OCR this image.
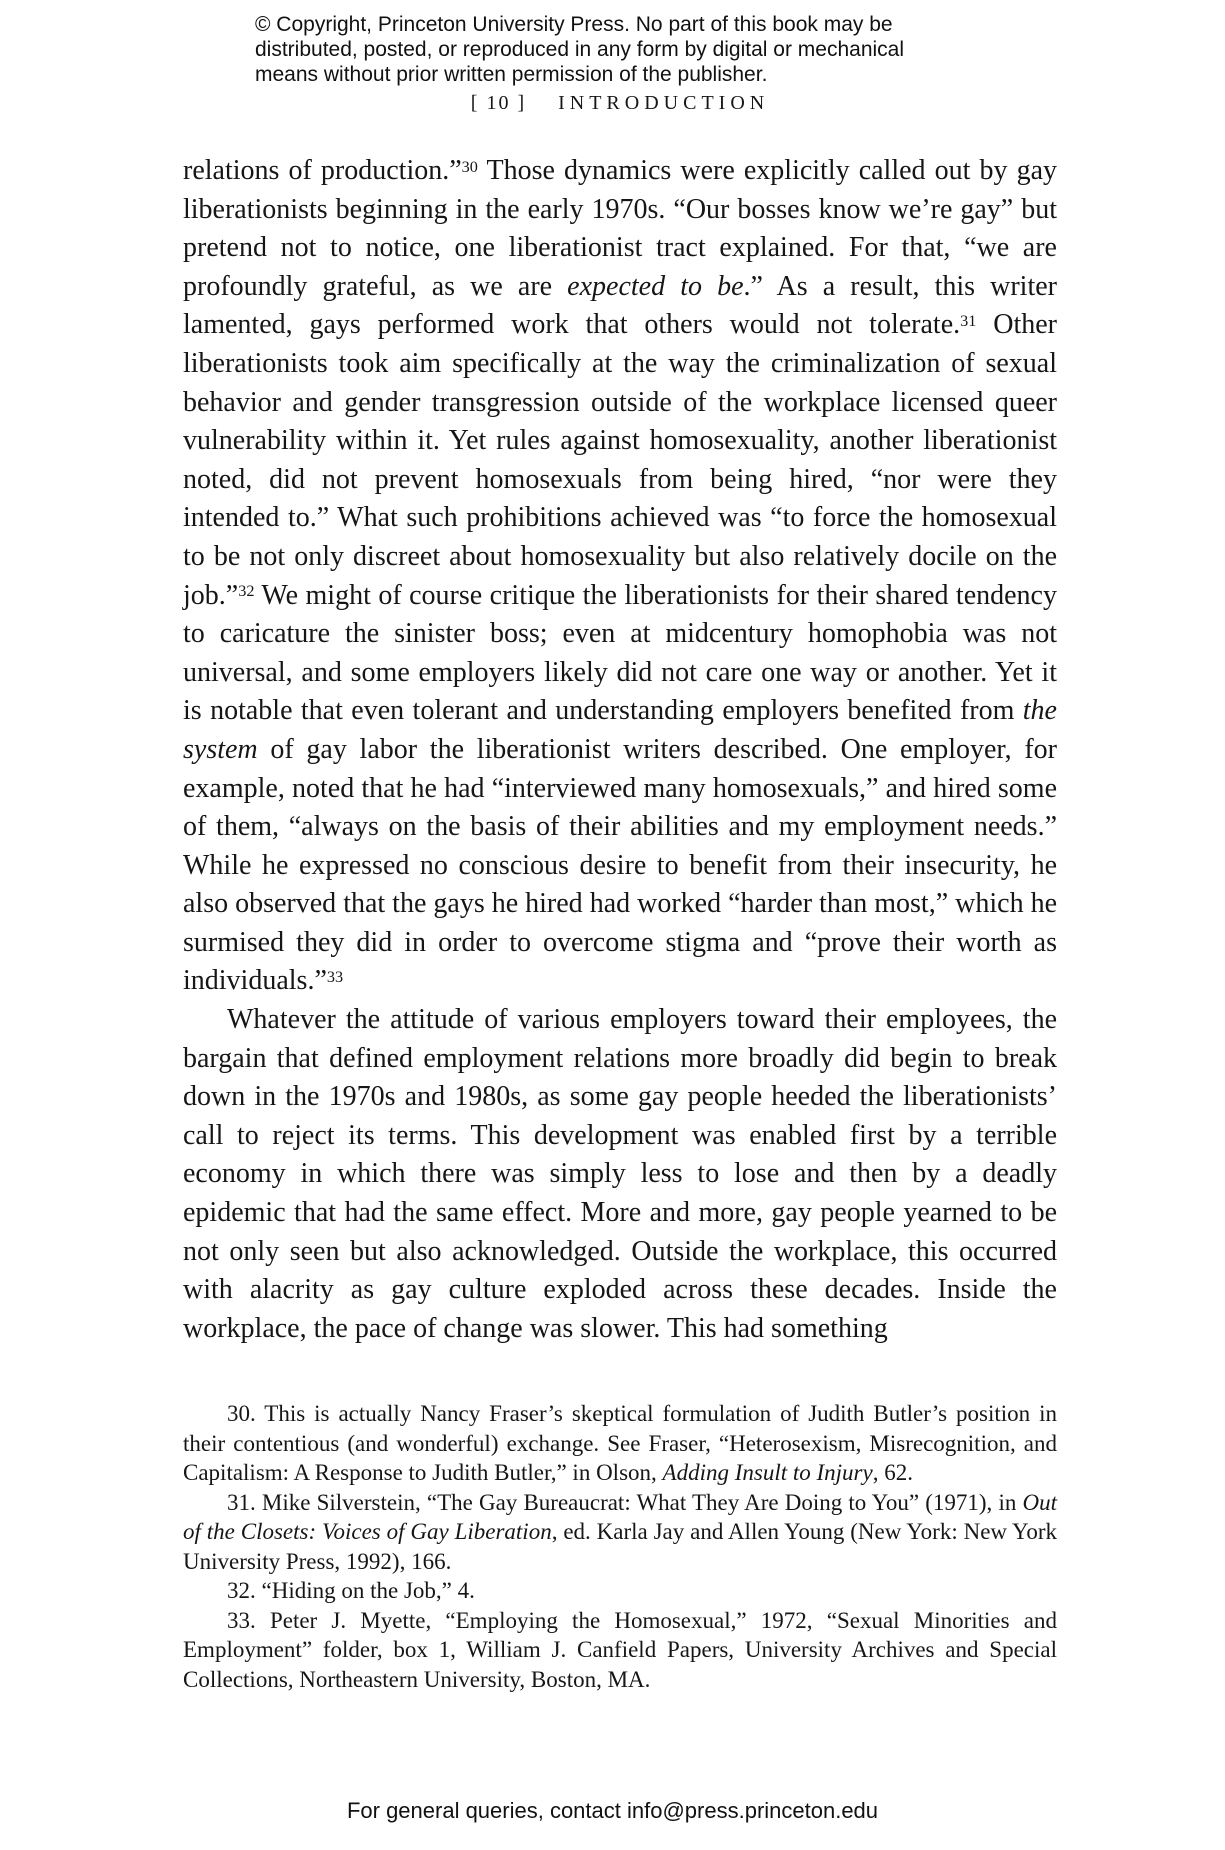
© Copyright, Princeton University Press. No part of this book may be
distributed, posted, or reproduced in any form by digital or mechanical
means without prior written permission of the publisher.
[ 10 ] INTRODUCTION

relations of production.”$^{30}$ Those dynamics were explicitly called out by gay liberationists beginning in the early 1970s. “Our bosses know we’re gay” but pretend not to notice, one liberationist tract explained. For that, “we are profoundly grateful, as we are expected to be.” As a result, this writer lamented, gays performed work that others would not tolerate.$^{31}$ Other liberationists took aim specifically at the way the criminalization of sexual behavior and gender transgression outside of the workplace licensed queer vulnerability within it. Yet rules against homosexuality, another liberationist noted, did not prevent homosexuals from being hired, “nor were they intended to.” What such prohibitions achieved was “to force the homosexual to be not only discreet about homosexuality but also relatively docile on the job.”$^{32}$ We might of course critique the liberationists for their shared tendency to caricature the sinister boss; even at midcentury homophobia was not universal, and some employers likely did not care one way or another. Yet it is notable that even tolerant and understanding employers benefited from the system of gay labor the liberationist writers described. One employer, for example, noted that he had “interviewed many homosexuals,” and hired some of them, “always on the basis of their abilities and my employment needs.” While he expressed no conscious desire to benefit from their insecurity, he also observed that the gays he hired had worked “harder than most,” which he surmised they did in order to overcome stigma and “prove their worth as individuals.”$^{33}$

Whatever the attitude of various employers toward their employees, the bargain that defined employment relations more broadly did begin to break down in the 1970s and 1980s, as some gay people heeded the liberationists’ call to reject its terms. This development was enabled first by a terrible economy in which there was simply less to lose and then by a deadly epidemic that had the same effect. More and more, gay people yearned to be not only seen but also acknowledged. Outside the workplace, this occurred with alacrity as gay culture exploded across these decades. Inside the workplace, the pace of change was slower. This had something

30. This is actually Nancy Fraser’s skeptical formulation of Judith Butler’s position in their contentious (and wonderful) exchange. See Fraser, “Heterosexism, Misrecognition, and Capitalism: A Response to Judith Butler,” in Olson, Adding Insult to Injury, 62.

31. Mike Silverstein, “The Gay Bureaucrat: What They Are Doing to You” (1971), in Out of the Closets: Voices of Gay Liberation, ed. Karla Jay and Allen Young (New York: New York University Press, 1992), 166.

32. “Hiding on the Job,” 4.

33. Peter J. Myette, “Employing the Homosexual,” 1972, “Sexual Minorities and Employment” folder, box 1, William J. Canfield Papers, University Archives and Special Collections, Northeastern University, Boston, MA.

For general queries, contact info@press.princeton.edu
